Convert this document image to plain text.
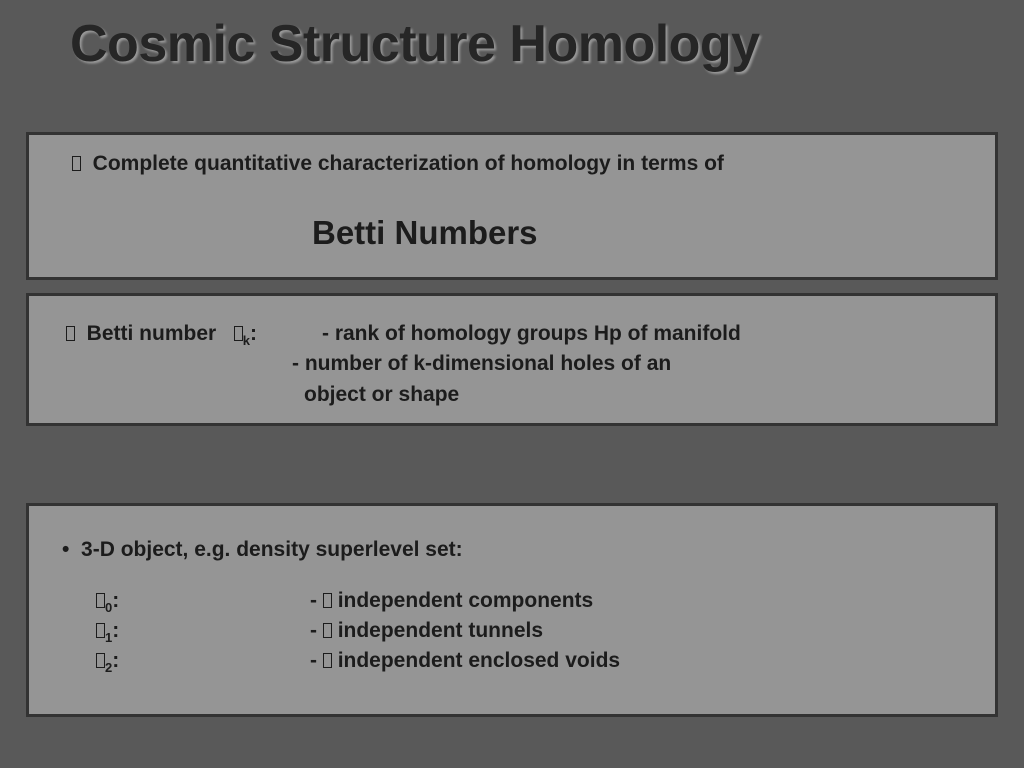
Cosmic Structure Homology
Complete quantitative characterization of homology in terms of
Betti Numbers
Betti number $_k$:	- rank of homology groups Hp of manifold
- number of k-dimensional holes of an
object or shape
• 3-D object, e.g. density superlevel set:
$_0$:	- independent components
$_1$:	- independent tunnels
$_2$:	- independent enclosed voids
